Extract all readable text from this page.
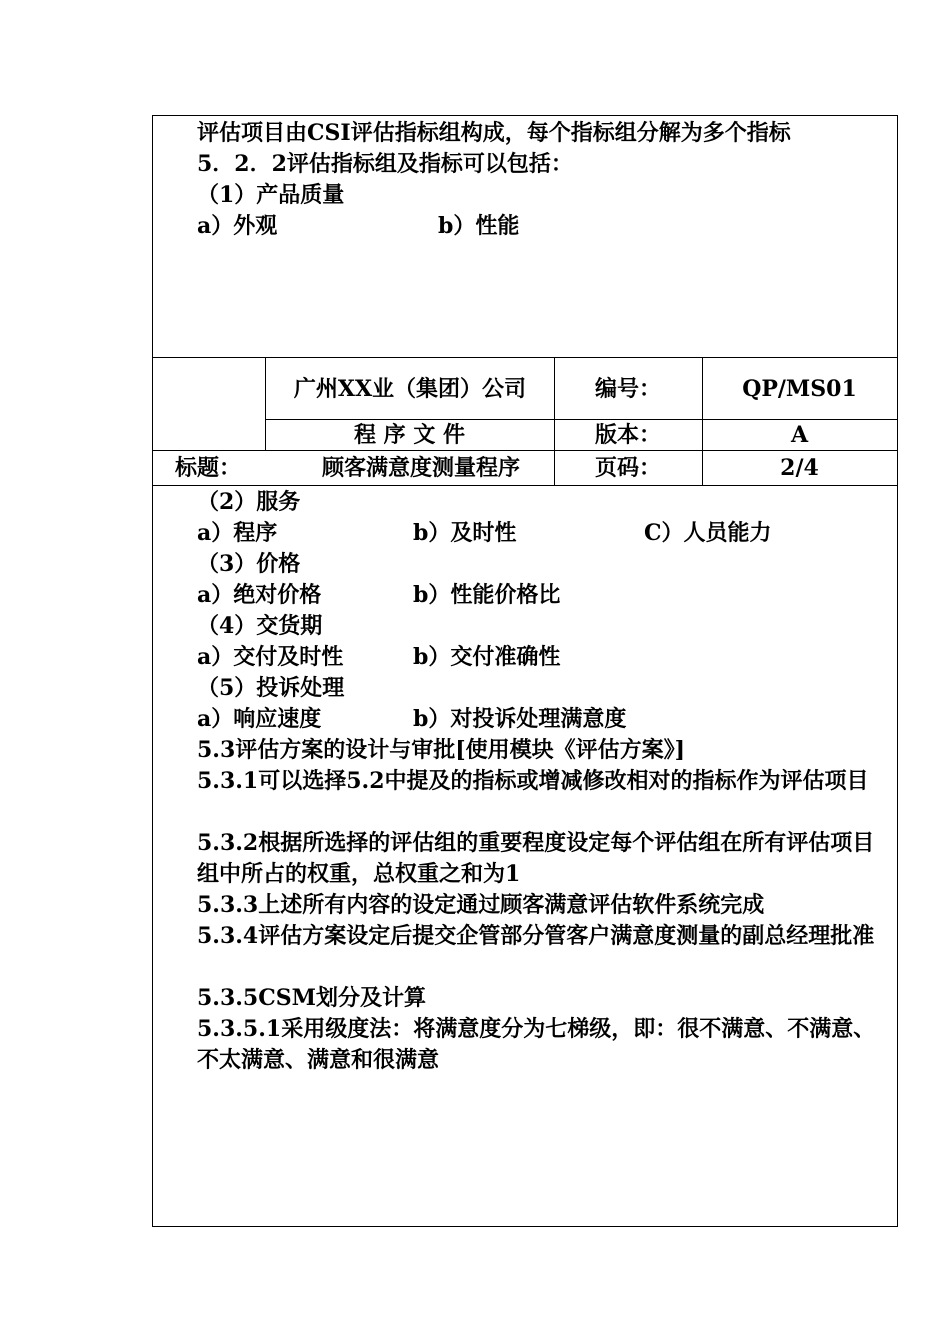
评估项目由CSI评估指标组构成，每个指标组分解为多个指标
5．2．2评估指标组及指标可以包括：
（1）产品质量
a）外观	b）性能
广州XX业（集团）公司	编号：	QP/MS01
程 序 文 件	版本：	A
标题：	顾客满意度测量程序	页码：	2/4
（2）服务
a）程序	b）及时性	C）人员能力
（3）价格
a）绝对价格	b）性能价格比
（4）交货期
a）交付及时性	b）交付准确性
（5）投诉处理
a）响应速度	b）对投诉处理满意度
5.3评估方案的设计与审批[使用模块《评估方案》]
5.3.1可以选择5.2中提及的指标或增减修改相对的指标作为评估项目
5.3.2根据所选择的评估组的重要程度设定每个评估组在所有评估项目组中所占的权重，总权重之和为1
5.3.3上述所有内容的设定通过顾客满意评估软件系统完成
5.3.4评估方案设定后提交企管部分管客户满意度测量的副总经理批准
5.3.5CSM划分及计算
5.3.5.1采用级度法：将满意度分为七梯级，即：很不满意、不满意、不太满意、满意和很满意
